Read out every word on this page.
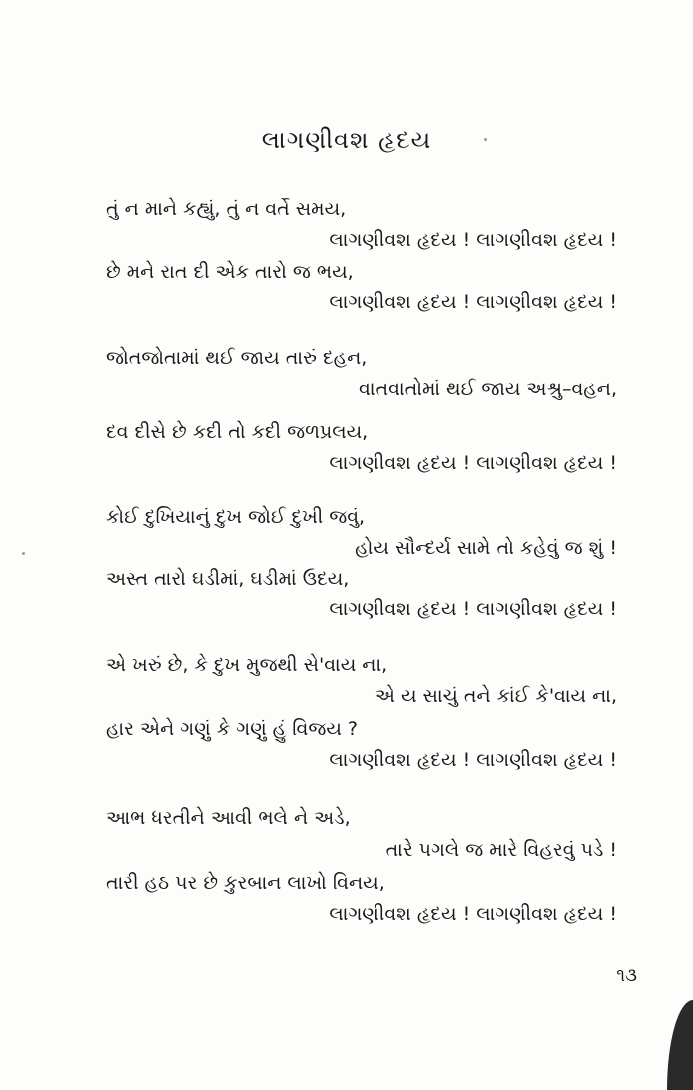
લાગણીવશ હૃદય
તું ન માને કહ્યું, તું ન વર્તે સમય,
લાગણીવશ હૃદય ! લાગણીવશ હૃદય !
છે મને રાત દી એક તારો જ ભય,
લાગણીવશ હૃદય ! લાગણીવશ હૃદય !
જોતજોતામાં થઈ જાય તારું દહન,
વાતવાતોમાં થઈ જાય અશ્રુ–વહન,
દવ દીસે છે કદી તો કદી જળપ્રલય,
લાગણીવશ હૃદય ! લાગણીવશ હૃદય !
કોઈ દુખિયાનું દુખ જોઈ દુખી જવું,
હોય સૌન્દર્ય સામે તો કહેવું જ શું !
અસ્ત તારો ઘડીમાં, ઘડીમાં ઉદય,
લાગણીવશ હૃદય ! લાગણીવશ હૃદય !
એ ખરું છે, કે દુખ મુજથી સે'વાય ના,
એ ય સાચું તને કાંઈ કે'વાય ના,
હાર એને ગણું કે ગણું હું વિજય ?
લાગણીવશ હૃદય ! લાગણીવશ હૃદય !
આભ ધરતીને આવી ભલે ને અડે,
તારે પગલે જ મારે વિહરવું પડે !
તારી હઠ પર છે કુરબાન લાખો વિનય,
લાગણીવશ હૃદય ! લાગણીવશ હૃદય !
૧૩
